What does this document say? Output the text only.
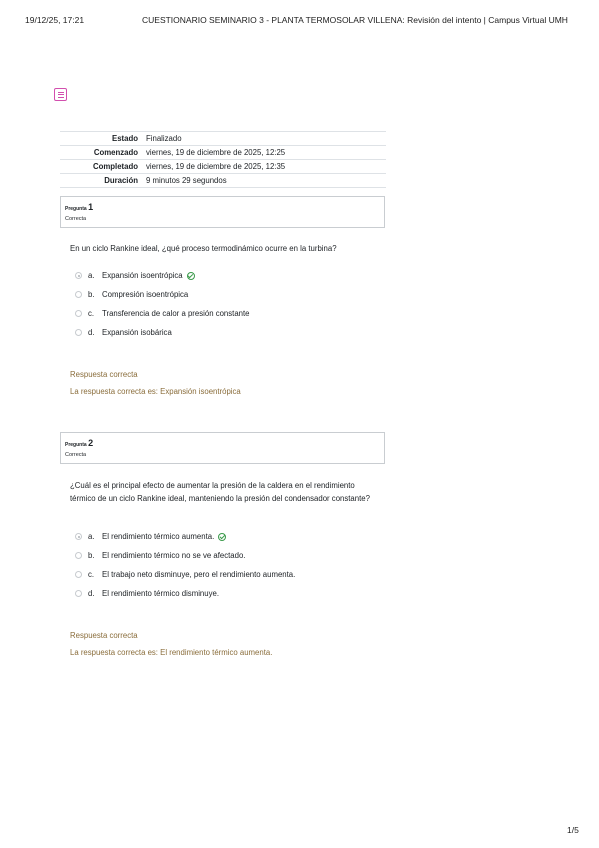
19/12/25, 17:21	CUESTIONARIO SEMINARIO 3 - PLANTA TERMOSOLAR VILLENA: Revisión del intento | Campus Virtual UMH
Estado	Finalizado
Comenzado	viernes, 19 de diciembre de 2025, 12:25
Completado	viernes, 19 de diciembre de 2025, 12:35
Duración	9 minutos 29 segundos
Pregunta 1
Correcta
En un ciclo Rankine ideal, ¿qué proceso termodinámico ocurre en la turbina?
a. Expansión isoentrópica
b. Compresión isoentrópica
c.	Transferencia de calor a presión constante
d. Expansión isobárica
Respuesta correcta
La respuesta correcta es: Expansión isoentrópica
Pregunta 2
Correcta
¿Cuál es el principal efecto de aumentar la presión de la caldera en el rendimiento térmico de un ciclo Rankine ideal, manteniendo la presión del condensador constante?
a. El rendimiento térmico aumenta.
b. El rendimiento térmico no se ve afectado.
c.	El trabajo neto disminuye, pero el rendimiento aumenta.
d. El rendimiento térmico disminuye.
Respuesta correcta
La respuesta correcta es: El rendimiento térmico aumenta.
1/5
